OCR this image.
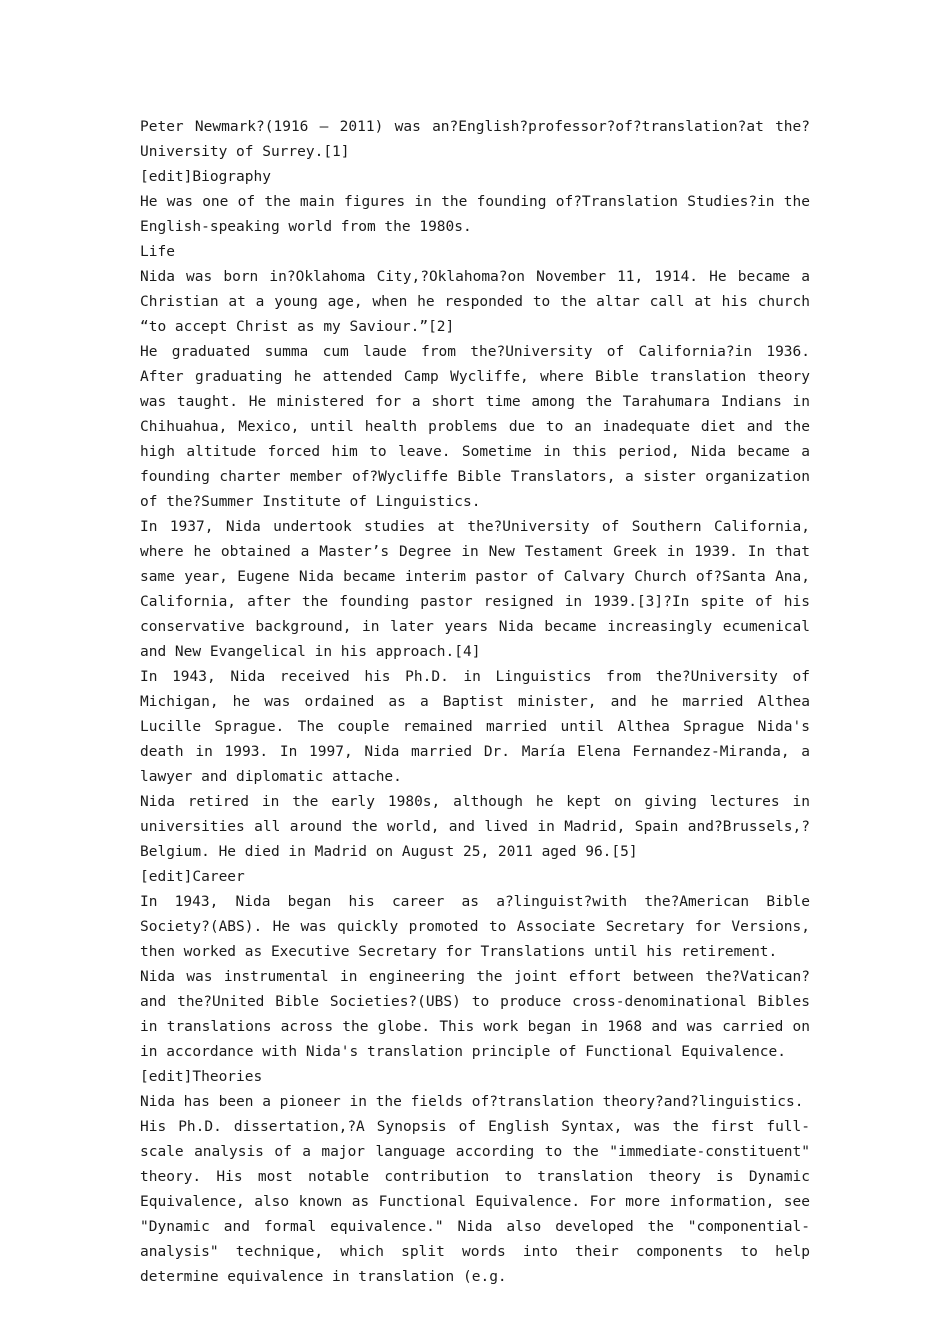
Peter Newmark?(1916 – 2011) was an?English?professor?of?translation?at the?University of Surrey.[1]

[edit]Biography

He was one of the main figures in the founding of?Translation Studies?in the English-speaking world from the 1980s.

Life

Nida was born in?Oklahoma City,?Oklahoma?on November 11, 1914. He became a Christian at a young age, when he responded to the altar call at his church “to accept Christ as my Saviour.”[2]

He graduated summa cum laude from the?University of California?in 1936. After graduating he attended Camp Wycliffe, where Bible translation theory was taught. He ministered for a short time among the Tarahumara Indians in Chihuahua, Mexico, until health problems due to an inadequate diet and the high altitude forced him to leave. Sometime in this period, Nida became a founding charter member of?Wycliffe Bible Translators, a sister organization of the?Summer Institute of Linguistics.

In 1937, Nida undertook studies at the?University of Southern California, where he obtained a Master’s Degree in New Testament Greek in 1939. In that same year, Eugene Nida became interim pastor of Calvary Church of?Santa Ana, California, after the founding pastor resigned in 1939.[3]?In spite of his conservative background, in later years Nida became increasingly ecumenical and New Evangelical in his approach.[4]

In 1943, Nida received his Ph.D. in Linguistics from the?University of Michigan, he was ordained as a Baptist minister, and he married Althea Lucille Sprague. The couple remained married until Althea Sprague Nida's death in 1993. In 1997, Nida married Dr. María Elena Fernandez-Miranda, a lawyer and diplomatic attache.

Nida retired in the early 1980s, although he kept on giving lectures in universities all around the world, and lived in Madrid, Spain and?Brussels,?Belgium. He died in Madrid on August 25, 2011 aged 96.[5]

[edit]Career

In 1943, Nida began his career as a?linguist?with the?American Bible Society?(ABS). He was quickly promoted to Associate Secretary for Versions, then worked as Executive Secretary for Translations until his retirement.

Nida was instrumental in engineering the joint effort between the?Vatican?and the?United Bible Societies?(UBS) to produce cross-denominational Bibles in translations across the globe. This work began in 1968 and was carried on in accordance with Nida's translation principle of Functional Equivalence.

[edit]Theories

Nida has been a pioneer in the fields of?translation theory?and?linguistics.

His Ph.D. dissertation,?A Synopsis of English Syntax, was the first full-scale analysis of a major language according to the "immediate-constituent" theory. His most notable contribution to translation theory is Dynamic Equivalence, also known as Functional Equivalence. For more information, see "Dynamic and formal equivalence." Nida also developed the "componential-analysis" technique, which split words into their components to help determine equivalence in translation (e.g.
